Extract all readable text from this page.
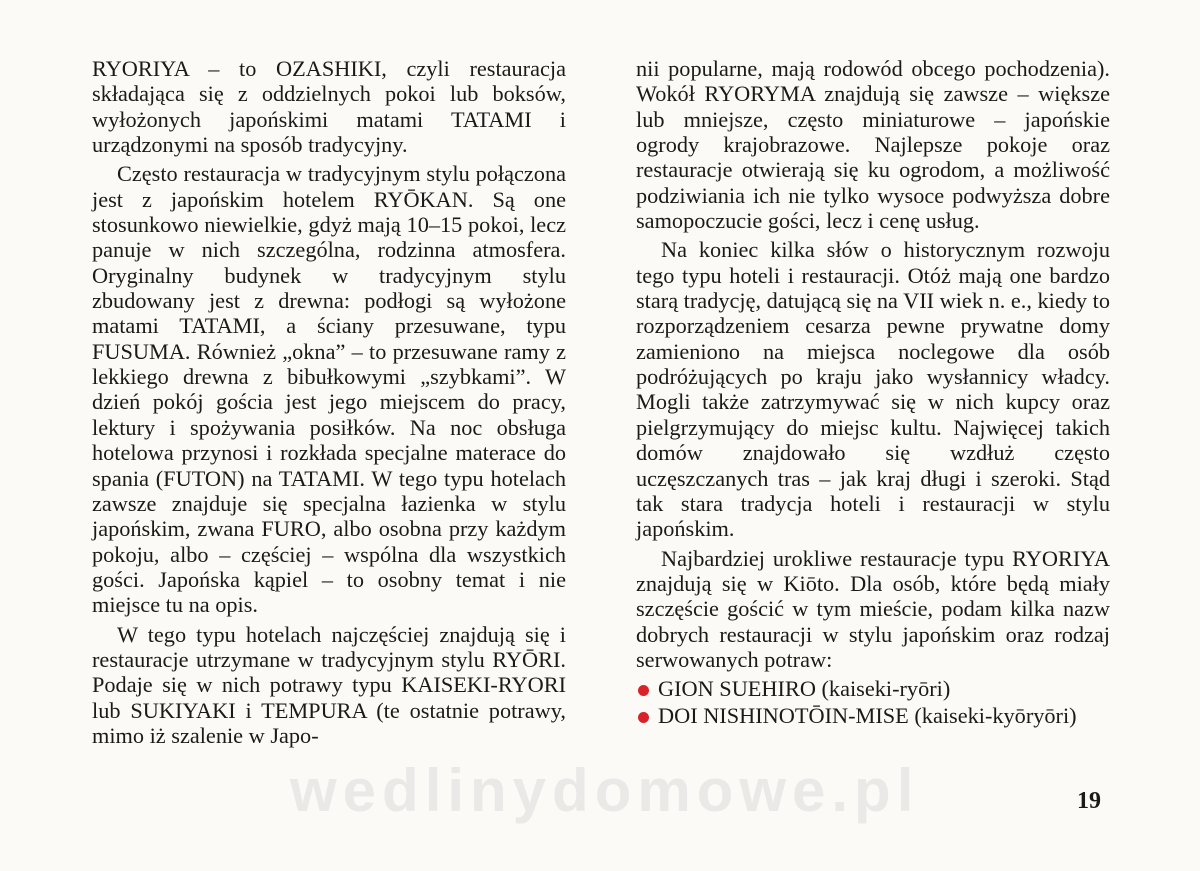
RYORIYA – to OZASHIKI, czyli restauracja składająca się z oddzielnych pokoi lub boksów, wyłożonych japońskimi matami TATAMI i urządzonymi na sposób tradycyjny.

Często restauracja w tradycyjnym stylu połączona jest z japońskim hotelem RYŌKAN. Są one stosunkowo niewielkie, gdyż mają 10–15 pokoi, lecz panuje w nich szczególna, rodzinna atmosfera. Oryginalny budynek w tradycyjnym stylu zbudowany jest z drewna: podłogi są wyłożone matami TATAMI, a ściany przesuwane, typu FUSUMA. Również „okna” – to przesuwane ramy z lekkiego drewna z bibułkowymi „szybkami”. W dzień pokój gościa jest jego miejscem do pracy, lektury i spożywania posiłków. Na noc obsługa hotelowa przynosi i rozkłada specjalne materace do spania (FUTON) na TATAMI. W tego typu hotelach zawsze znajduje się specjalna łazienka w stylu japońskim, zwana FURO, albo osobna przy każdym pokoju, albo – częściej – wspólna dla wszystkich gości. Japońska kąpiel – to osobny temat i nie miejsce tu na opis.

W tego typu hotelach najczęściej znajdują się i restauracje utrzymane w tradycyjnym stylu RYŌRI. Podaje się w nich potrawy typu KAISEKI-RYORI lub SUKIYAKI i TEMPURA (te ostatnie potrawy, mimo iż szalenie w Japo-

nii popularne, mają rodowód obcego pochodzenia). Wokół RYORYMA znajdują się zawsze – większe lub mniejsze, często miniaturowe – japońskie ogrody krajobrazowe. Najlepsze pokoje oraz restauracje otwierają się ku ogrodom, a możliwość podziwiania ich nie tylko wysoce podwyższa dobre samopoczucie gości, lecz i cenę usług.

Na koniec kilka słów o historycznym rozwoju tego typu hoteli i restauracji. Otóż mają one bardzo starą tradycję, datującą się na VII wiek n. e., kiedy to rozporządzeniem cesarza pewne prywatne domy zamieniono na miejsca noclegowe dla osób podróżujących po kraju jako wysłannicy władcy. Mogli także zatrzymywać się w nich kupcy oraz pielgrzymujący do miejsc kultu. Najwięcej takich domów znajdowało się wzdłuż często uczęszczanych tras – jak kraj długi i szeroki. Stąd tak stara tradycja hoteli i restauracji w stylu japońskim.

Najbardziej urokliwe restauracje typu RYORIYA znajdują się w Kiōto. Dla osób, które będą miały szczęście gościć w tym mieście, podam kilka nazw dobrych restauracji w stylu japońskim oraz rodzaj serwowanych potraw:

GION SUEHIRO (kaiseki-ryōri)
DOI NISHINOTŌIN-MISE (kaiseki-kyōryōri)
wedlinydomowe.pl	19
